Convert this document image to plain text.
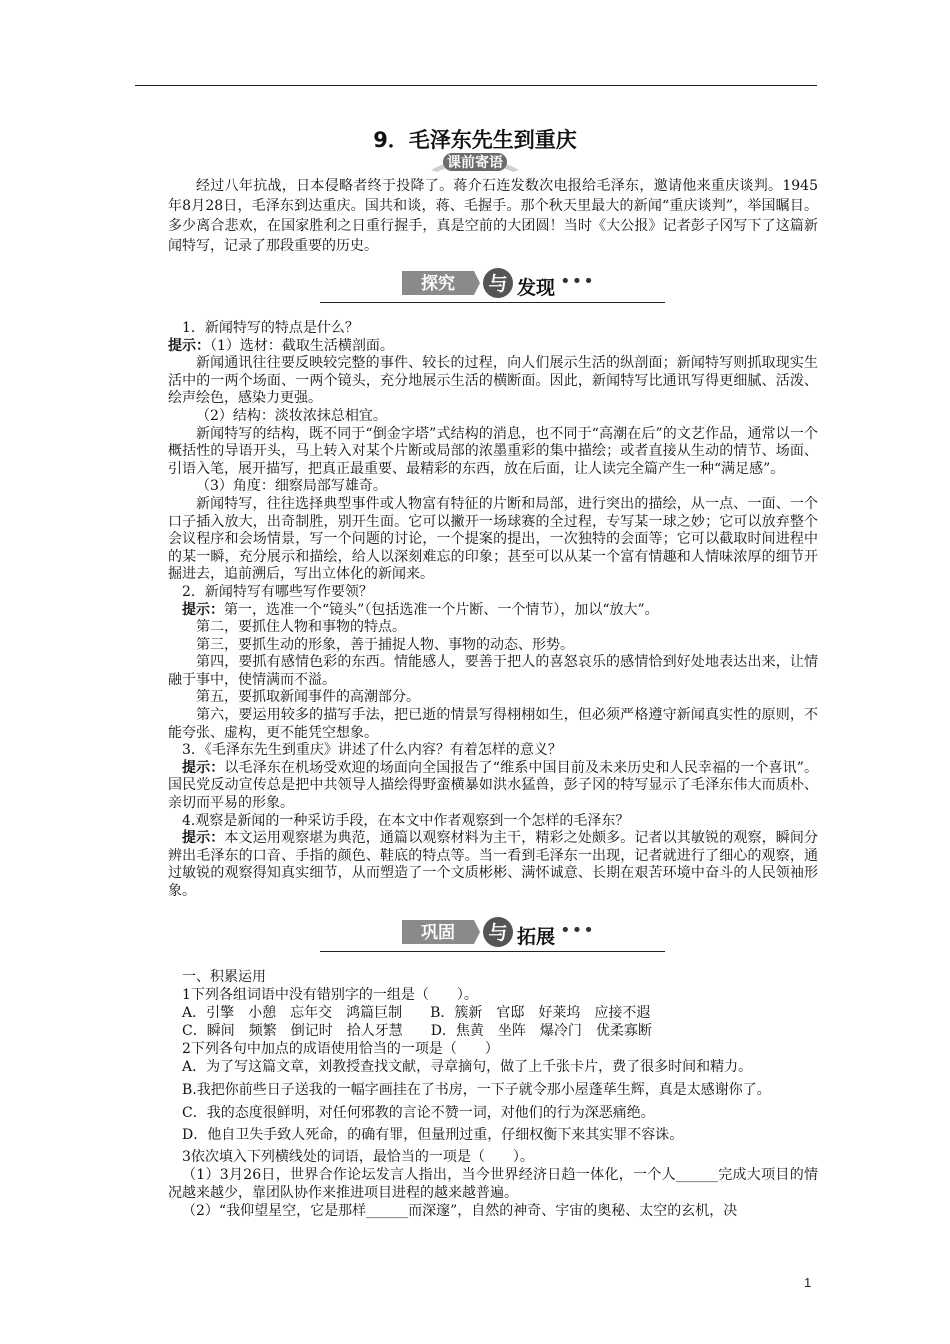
9．毛泽东先生到重庆
课前寄语

经过八年抗战，日本侵略者终于投降了。蒋介石连发数次电报给毛泽东，邀请他来重庆谈判。1945年8月28日，毛泽东到达重庆。国共和谈，蒋、毛握手。那个秋天里最大的新闻“重庆谈判”，举国瞩目。多少离合悲欢，在国家胜利之日重行握手，真是空前的大团圆！当时《大公报》记者彭子冈写下了这篇新闻特写，记录了那段重要的历史。

探究 与 发现 •••

1．新闻特写的特点是什么？

提示：（1）选材：截取生活横剖面。

新闻通讯往往要反映较完整的事件、较长的过程，向人们展示生活的纵剖面；新闻特写则抓取现实生活中的一两个场面、一两个镜头，充分地展示生活的横断面。因此，新闻特写比通讯写得更细腻、活泼、绘声绘色，感染力更强。

（2）结构：淡妆浓抹总相宜。

新闻特写的结构，既不同于“倒金字塔”式结构的消息，也不同于“高潮在后”的文艺作品，通常以一个概括性的导语开头，马上转入对某个片断或局部的浓墨重彩的集中描绘；或者直接从生动的情节、场面、引语入笔，展开描写，把真正最重要、最精彩的东西，放在后面，让人读完全篇产生一种“满足感”。

（3）角度：细察局部写雄奇。

新闻特写，往往选择典型事件或人物富有特征的片断和局部，进行突出的描绘，从一点、一面、一个口子插入放大，出奇制胜，别开生面。它可以撇开一场球赛的全过程，专写某一球之妙；它可以放弃整个会议程序和会场情景，写一个问题的讨论，一个提案的提出，一次独特的会面等；它可以截取时间进程中的某一瞬，充分展示和描绘，给人以深刻难忘的印象；甚至可以从某一个富有情趣和人情味浓厚的细节开掘进去，追前溯后，写出立体化的新闻来。

2．新闻特写有哪些写作要领？

提示：第一，选准一个“镜头”（包括选准一个片断、一个情节），加以“放大”。

第二，要抓住人物和事物的特点。

第三，要抓生动的形象，善于捕捉人物、事物的动态、形势。

第四，要抓有感情色彩的东西。情能感人，要善于把人的喜怒哀乐的感情恰到好处地表达出来，让情融于事中，使情满而不溢。

第五，要抓取新闻事件的高潮部分。

第六，要运用较多的描写手法，把已逝的情景写得栩栩如生，但必须严格遵守新闻真实性的原则，不能夸张、虚构，更不能凭空想象。

3．《毛泽东先生到重庆》讲述了什么内容？有着怎样的意义？

提示：以毛泽东在机场受欢迎的场面向全国报告了“维系中国目前及未来历史和人民幸福的一个喜讯”。国民党反动宣传总是把中共领导人描绘得野蛮横暴如洪水猛兽，彭子冈的特写显示了毛泽东伟大而质朴、亲切而平易的形象。

4.观察是新闻的一种采访手段，在本文中作者观察到一个怎样的毛泽东？

提示：本文运用观察堪为典范，通篇以观察材料为主干，精彩之处颇多。记者以其敏锐的观察，瞬间分辨出毛泽东的口音、手指的颜色、鞋底的特点等。当一看到毛泽东一出现，记者就进行了细心的观察，通过敏锐的观察得知真实细节，从而塑造了一个文质彬彬、满怀诚意、长期在艰苦环境中奋斗的人民领袖形象。

巩固 与 拓展 •••

一、积累运用

1下列各组词语中没有错别字的一组是（　　）。

A．引擎　小憩　忘年交　鸿篇巨制　　B．簇新　官邸　好莱坞　应接不遐

C．瞬间　频繁　倒记时　拾人牙慧　　D．焦黄　坐阵　爆冷门　优柔寡断

2下列各句中加点的成语使用恰当的一项是（　　）

A．为了写这篇文章，刘教授查找文献，寻章摘句，做了上千张卡片，费了很多时间和精力。

B.我把你前些日子送我的一幅字画挂在了书房，一下子就令那小屋蓬荜生辉，真是太感谢你了。

C．我的态度很鲜明，对任何邪教的言论不赞一词，对他们的行为深恶痛绝。

D．他自卫失手致人死命，的确有罪，但量刑过重，仔细权衡下来其实罪不容诛。

3依次填入下列横线处的词语，最恰当的一项是（　　）。

（1）3月26日，世界合作论坛发言人指出，当今世界经济日趋一体化，一个人______完成大项目的情况越来越少，靠团队协作来推进项目进程的越来越普遍。

（2）“我仰望星空，它是那样______而深邃”，自然的神奇、宇宙的奥秘、太空的玄机，决

1
